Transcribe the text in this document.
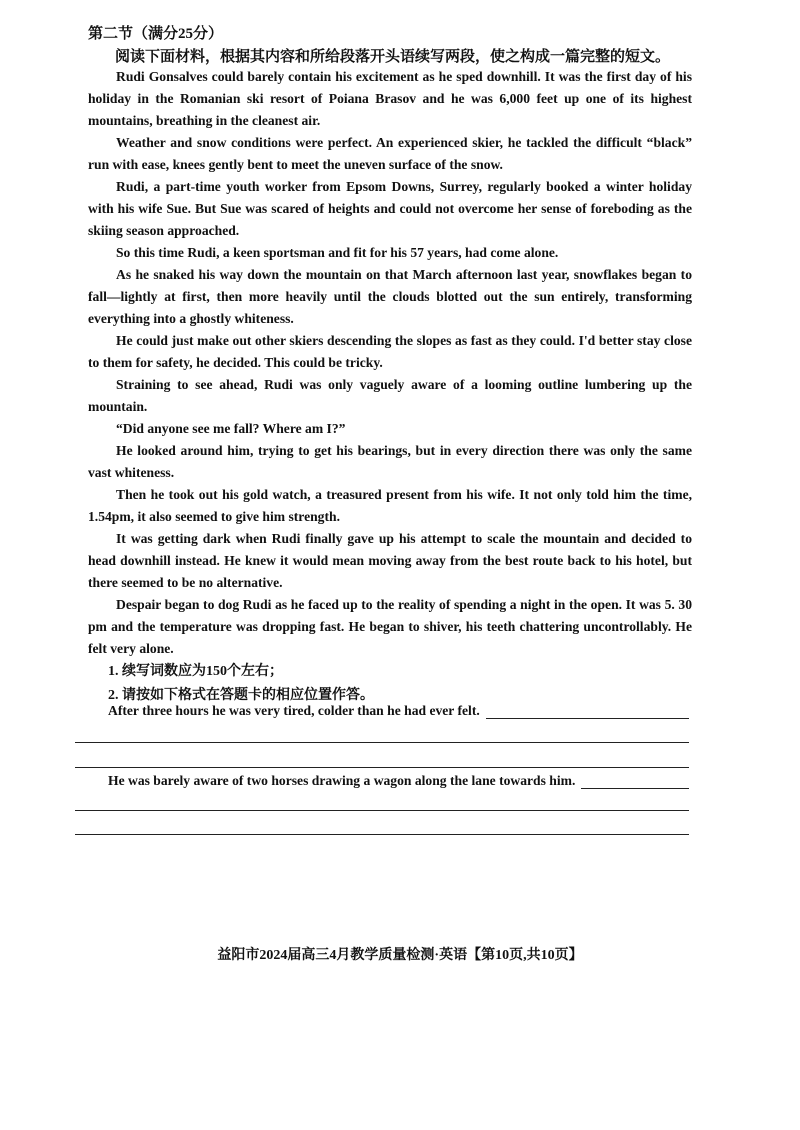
第二节（满分25分）
阅读下面材料，根据其内容和所给段落开头语续写两段，使之构成一篇完整的短文。

Rudi Gonsalves could barely contain his excitement as he sped downhill. It was the first day of his holiday in the Romanian ski resort of Poiana Brasov and he was 6,000 feet up one of its highest mountains, breathing in the cleanest air.

Weather and snow conditions were perfect. An experienced skier, he tackled the difficult “black” run with ease, knees gently bent to meet the uneven surface of the snow.

Rudi, a part-time youth worker from Epsom Downs, Surrey, regularly booked a winter holiday with his wife Sue. But Sue was scared of heights and could not overcome her sense of foreboding as the skiing season approached.

So this time Rudi, a keen sportsman and fit for his 57 years, had come alone.

As he snaked his way down the mountain on that March afternoon last year, snowflakes began to fall—lightly at first, then more heavily until the clouds blotted out the sun entirely, transforming everything into a ghostly whiteness.

He could just make out other skiers descending the slopes as fast as they could. I'd better stay close to them for safety, he decided. This could be tricky.

Straining to see ahead, Rudi was only vaguely aware of a looming outline lumbering up the mountain.

“Did anyone see me fall? Where am I?”

He looked around him, trying to get his bearings, but in every direction there was only the same vast whiteness.

Then he took out his gold watch, a treasured present from his wife. It not only told him the time, 1.54pm, it also seemed to give him strength.

It was getting dark when Rudi finally gave up his attempt to scale the mountain and decided to head downhill instead. He knew it would mean moving away from the best route back to his hotel, but there seemed to be no alternative.

Despair began to dog Rudi as he faced up to the reality of spending a night in the open. It was 5. 30 pm and the temperature was dropping fast. He began to shiver, his teeth chattering uncontrollably. He felt very alone.

1. 续写词数应为150个左右；

2. 请按如下格式在答题卡的相应位置作答。

After three hours he was very tired, colder than he had ever felt.
He was barely aware of two horses drawing a wagon along the lane towards him.
益阳市2024届高三4月教学质量检测·英语【第10页,共10页】
